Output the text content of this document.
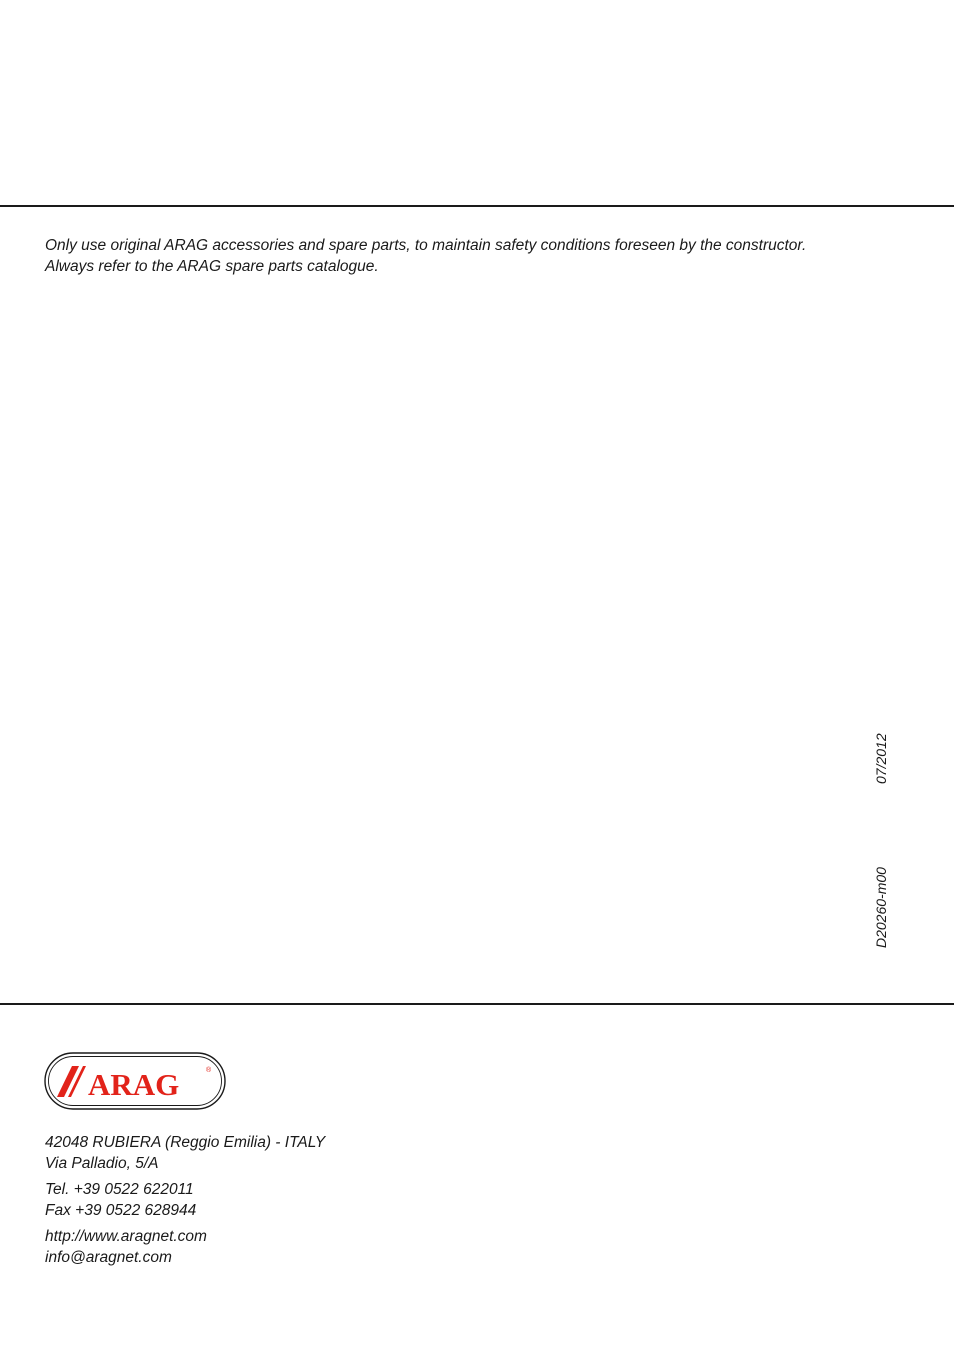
Only use original ARAG accessories and spare parts, to maintain safety conditions foreseen by the constructor.

Always refer to the ARAG spare parts catalogue.

07/2012
D20260-m00
ARAG	®

42048 RUBIERA (Reggio Emilia) - ITALY

Via Palladio, 5/A

Tel. +39 0522 622011

Fax +39 0522 628944

http://www.aragnet.com

info@aragnet.com
